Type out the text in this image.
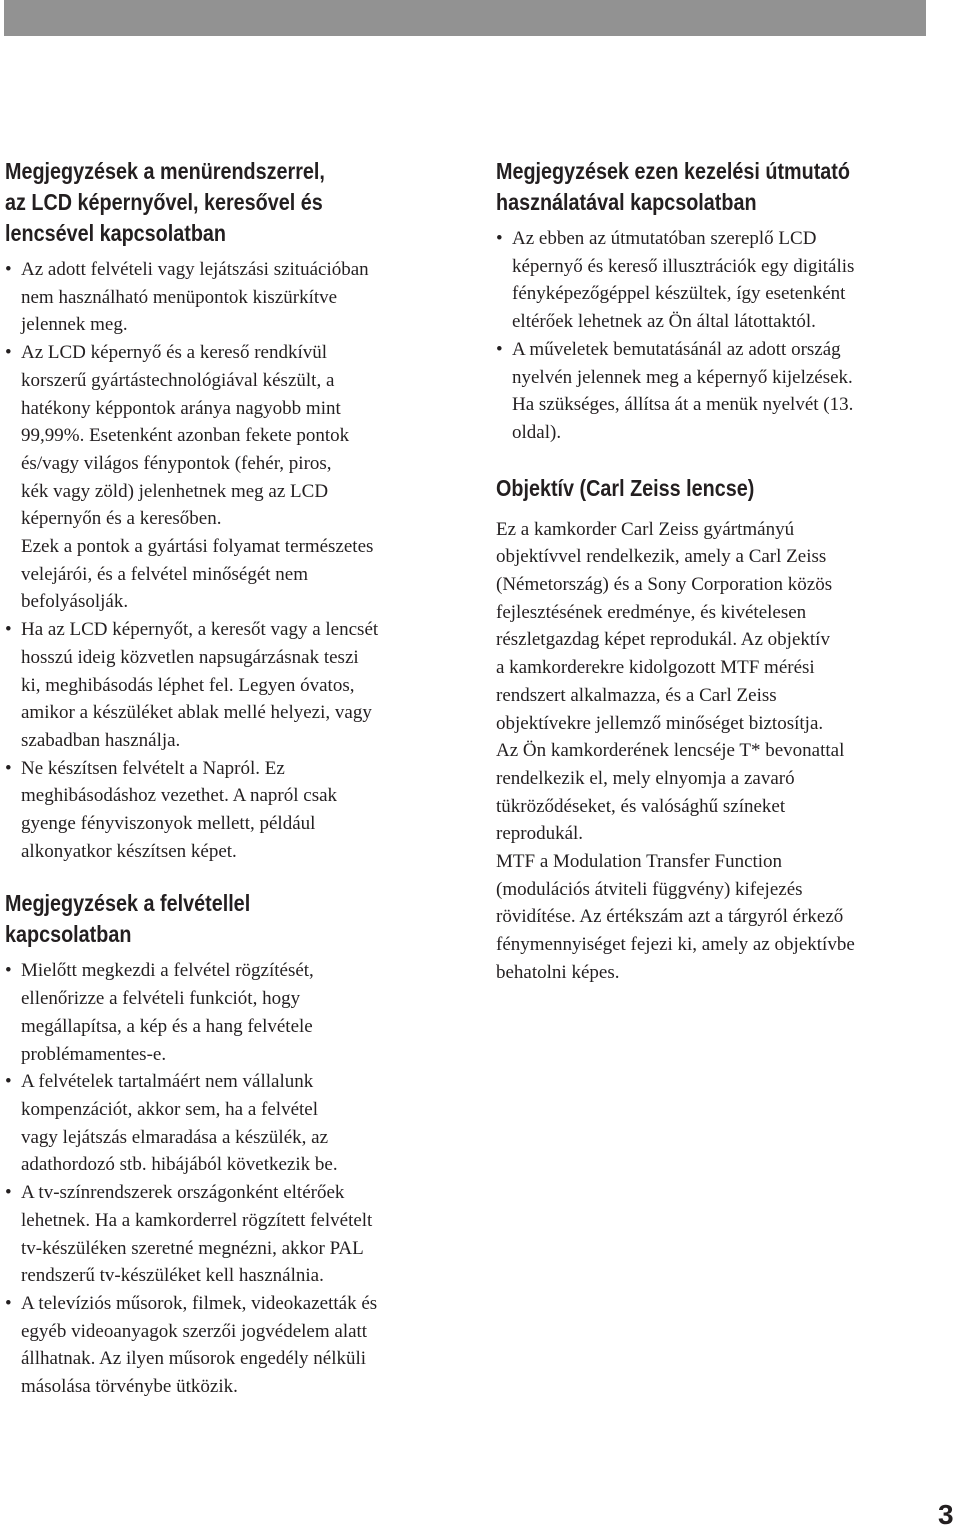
Megjegyzések a menürendszerrel,
az LCD képernyővel, keresővel és
lencsével kapcsolatban
• Az adott felvételi vagy lejátszási szituációban
nem használható menüpontok kiszürkítve
jelennek meg.
• Az LCD képernyő és a kereső rendkívül
korszerű gyártástechnológiával készült, a
hatékony képpontok aránya nagyobb mint
99,99%. Esetenként azonban fekete pontok
és/vagy világos fénypontok (fehér, piros,
kék vagy zöld) jelenhetnek meg az LCD
képernyőn és a keresőben.
Ezek a pontok a gyártási folyamat természetes
velejárói, és a felvétel minőségét nem
befolyásolják.
• Ha az LCD képernyőt, a keresőt vagy a lencsét
hosszú ideig közvetlen napsugárzásnak teszi
ki, meghibásodás léphet fel. Legyen óvatos,
amikor a készüléket ablak mellé helyezi, vagy
szabadban használja.
• Ne készítsen felvételt a Napról. Ez
meghibásodáshoz vezethet. A napról csak
gyenge fényviszonyok mellett, például
alkonyatkor készítsen képet.
Megjegyzések a felvétellel
kapcsolatban
• Mielőtt megkezdi a felvétel rögzítését,
ellenőrizze a felvételi funkciót, hogy
megállapítsa, a kép és a hang felvétele
problémamentes-e.
• A felvételek tartalmáért nem vállalunk
kompenzációt, akkor sem, ha a felvétel
vagy lejátszás elmaradása a készülék, az
adathordozó stb. hibájából következik be.
• A tv-színrendszerek országonként eltérőek
lehetnek. Ha a kamkorderrel rögzített felvételt
tv-készüléken szeretné megnézni, akkor PAL
rendszerű tv-készüléket kell használnia.
• A televíziós műsorok, filmek, videokazetták és
egyéb videoanyagok szerzői jogvédelem alatt
állhatnak. Az ilyen műsorok engedély nélküli
másolása törvénybe ütközik.
Megjegyzések ezen kezelési útmutató
használatával kapcsolatban
• Az ebben az útmutatóban szereplő LCD
képernyő és kereső illusztrációk egy digitális
fényképezőgéppel készültek, így esetenként
eltérőek lehetnek az Ön által látottaktól.
• A műveletek bemutatásánál az adott ország
nyelvén jelennek meg a képernyő kijelzések.
Ha szükséges, állítsa át a menük nyelvét (13.
oldal).
Objektív (Carl Zeiss lencse)
Ez a kamkorder Carl Zeiss gyártmányú
objektívvel rendelkezik, amely a Carl Zeiss
(Németország) és a Sony Corporation közös
fejlesztésének eredménye, és kivételesen
részletgazdag képet reprodukál. Az objektív
a kamkorderekre kidolgozott MTF mérési
rendszert alkalmazza, és a Carl Zeiss
objektívekre jellemző minőséget biztosítja.
Az Ön kamkorderének lencséje T* bevonattal
rendelkezik el, mely elnyomja a zavaró
tükröződéseket, és valósághű színeket
reprodukál.
MTF a Modulation Transfer Function
(modulációs átviteli függvény) kifejezés
rövidítése. Az értékszám azt a tárgyról érkező
fénymennyiséget fejezi ki, amely az objektívbe
behatolni képes.
3
